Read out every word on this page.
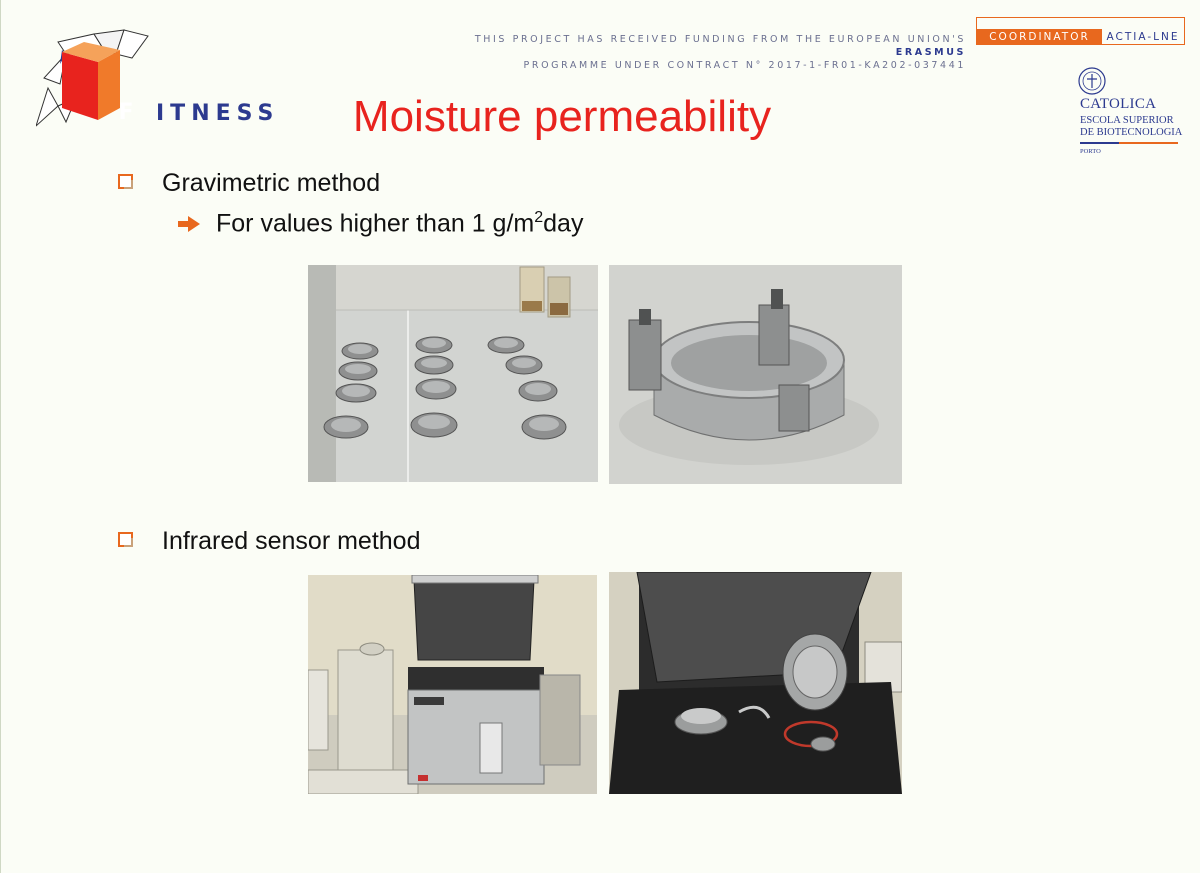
F	ITNESS
THIS PROJECT HAS RECEIVED FUNDING FROM THE EUROPEAN UNION'S ERASMUS
PROGRAMME UNDER CONTRACT N° 2017-1-FR01-KA202-037441
COORDINATOR	ACTIA-LNE
CATOLICA
ESCOLA SUPERIOR
DE BIOTECNOLOGIA
PORTO
Moisture permeability
Gravimetric method
For values higher than 1 $g/m^2day$
Infrared sensor method
